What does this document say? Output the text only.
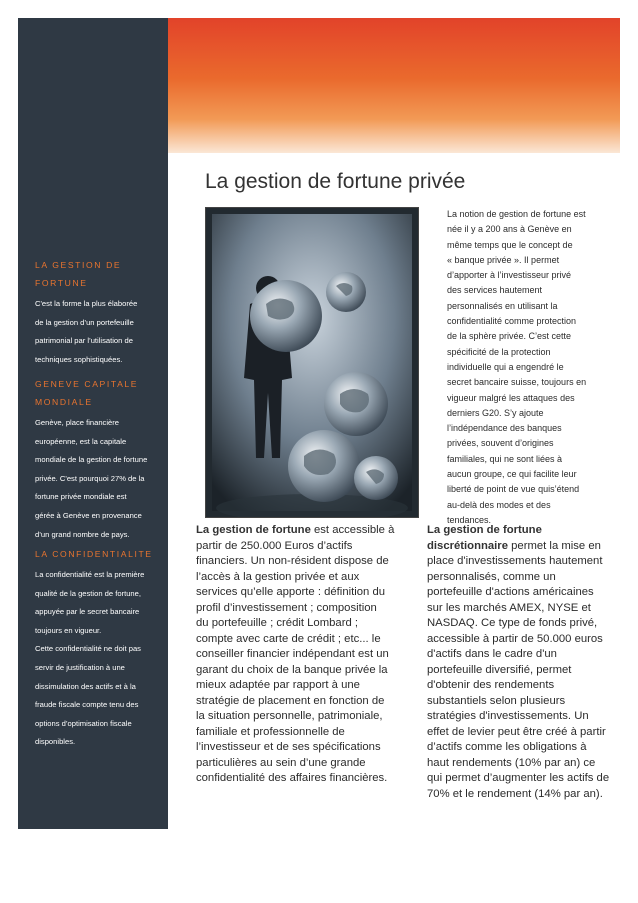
LA GESTION DE FORTUNE
C'est la forme la plus élaborée
de la gestion d’un portefeuille
patrimonial par l’utilisation de
techniques sophistiquées.
GENEVE CAPITALE MONDIALE
Genève, place financière
européenne, est la capitale
mondiale de la gestion de fortune
privée. C'est pourquoi 27% de la
fortune privée mondiale est
gérée à Genève en provenance
d’un grand nombre de pays.
LA CONFIDENTIALITE
La confidentialité est la première
qualité de la gestion de fortune,
appuyée par le secret bancaire
toujours en vigueur.
Cette confidentialité ne doit pas
servir de justification à une
dissimulation des actifs et à la
fraude fiscale compte tenu des
options d’optimisation fiscale
disponibles.
La gestion de fortune privée
La notion de gestion de fortune est
née il y a 200 ans à Genève en
même temps que le concept de
« banque privée ». Il permet
d’apporter à l’investisseur privé
des services hautement
personnalisés en utilisant la
confidentialité comme protection
de la sphère privée. C’est cette
spécificité de la protection
individuelle qui a engendré le
secret bancaire suisse, toujours en
vigueur malgré les attaques des
derniers G20. S’y ajoute
l’indépendance des banques
privées, souvent d’origines
familiales, qui ne sont liées à
aucun groupe, ce qui facilite leur
liberté de point de vue quis’étend
au-delà des modes et des
tendances.
La gestion de fortune est accessible à
partir de 250.000 Euros d’actifs
financiers. Un non-résident dispose de
l’accès à la gestion privée et aux
services qu’elle apporte : définition du
profil d’investissement ; composition
du portefeuille ; crédit Lombard ;
compte avec carte de crédit ; etc... le
conseiller financier indépendant est un
garant du choix de la banque privée la
mieux adaptée par rapport à une
stratégie de placement en fonction de
la situation personnelle, patrimoniale,
familiale et professionnelle de
l’investisseur et de ses spécifications
particulières au sein d’une grande
confidentialité des affaires financières.
La gestion de fortune
discrétionnaire permet la mise en
place d'investissements hautement
personnalisés, comme un
portefeuille d'actions américaines
sur les marchés AMEX, NYSE et
NASDAQ. Ce type de fonds privé,
accessible à partir de 50.000 euros
d'actifs dans le cadre d'un
portefeuille diversifié, permet
d'obtenir des rendements
substantiels selon plusieurs
stratégies d'investissements. Un
effet de levier peut être créé à partir
d’actifs comme les obligations à
haut rendements (10% par an) ce
qui permet d’augmenter les actifs de
70% et le rendement (14% par an).
